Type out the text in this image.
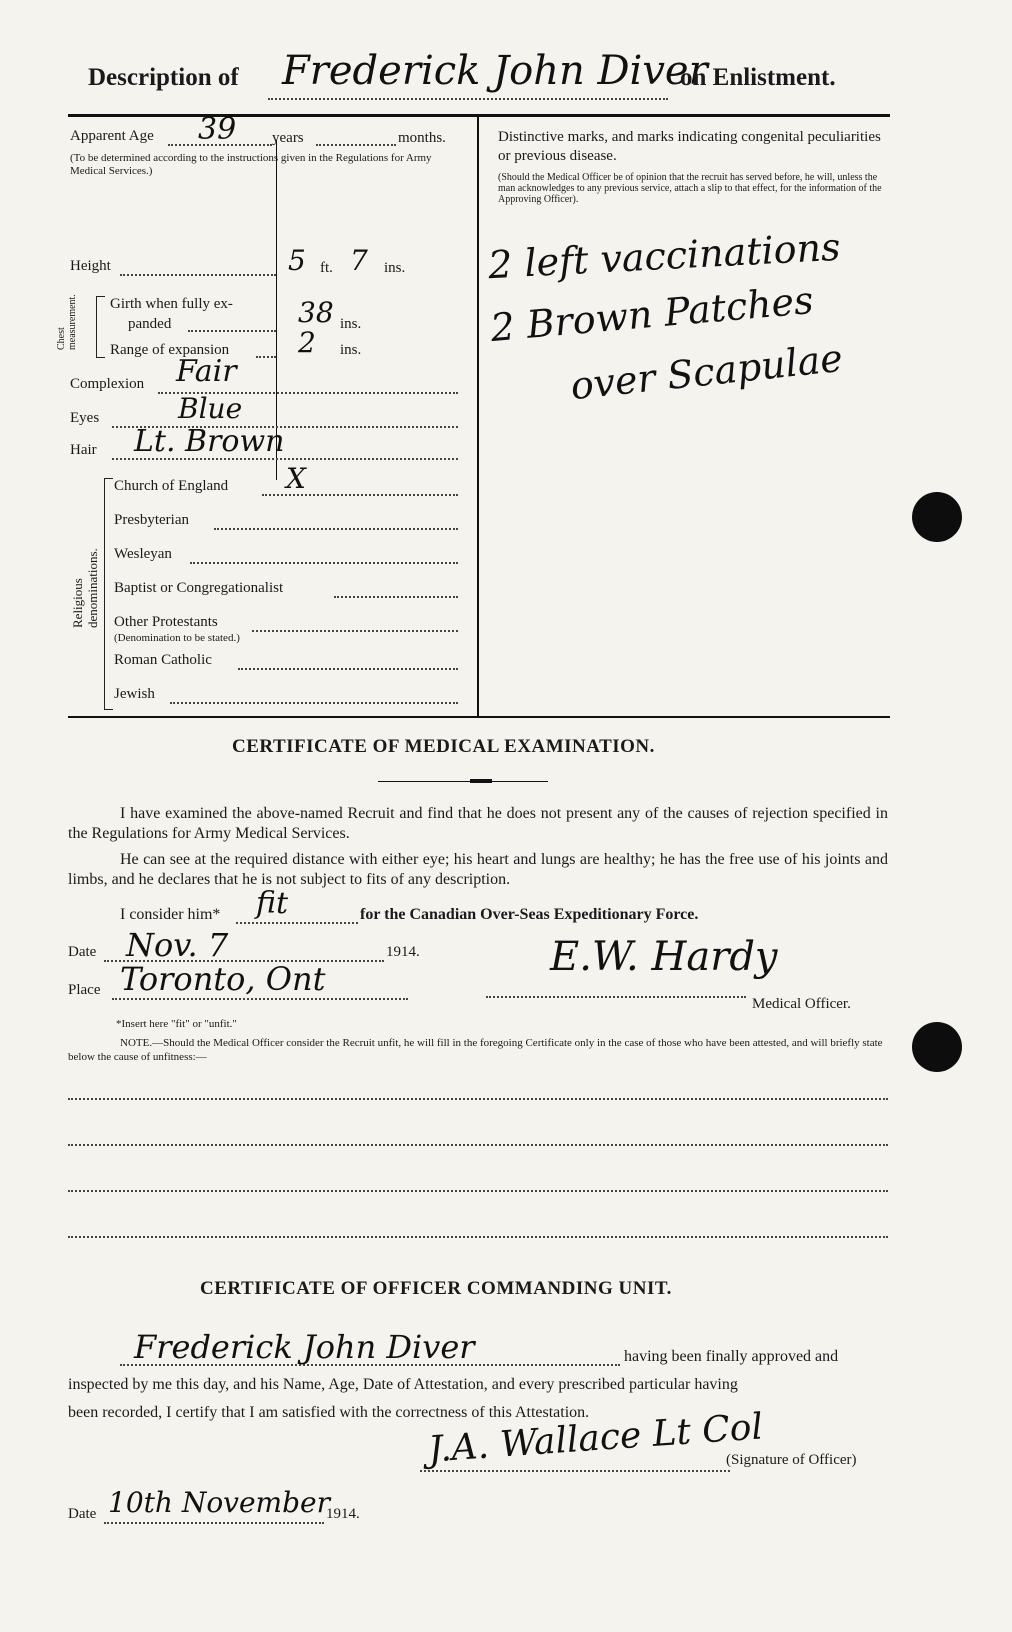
Description of Frederick John Diver
on Enlistment.
Apparent Age 39 years	months.
(To be determined according to the instructions given in the Regulations for Army Medical Services.)
Height	5 ft. 7 ins.
Chest measurement. Girth when fully ex-
panded	38 ins.
Range of expansion 2 ins.
Complexion Fair
Eyes	Blue
Hair Lt. Brown
Religious denominations.
Church of England X
Presbyterian
Wesleyan
Baptist or Congregationalist
Other Protestants
(Denomination to be stated.)
Roman Catholic
Jewish
Distinctive marks, and marks indicating congenital peculiarities or previous disease.
(Should the Medical Officer be of opinion that the recruit has served before, he will, unless the man acknowledges to any previous service, attach a slip to that effect, for the information of the Approving Officer).
2 left vaccinations
2 Brown Patches
over Scapulae
CERTIFICATE OF MEDICAL EXAMINATION.
I have examined the above-named Recruit and find that he does not present any of the causes of rejection specified in the Regulations for Army Medical Services.
He can see at the required distance with either eye; his heart and lungs are healthy; he has the free use of his joints and limbs, and he declares that he is not subject to fits of any description.
I consider him* fit	for the Canadian Over-Seas Expeditionary Force.
Date Nov. 7	1914.
Place Toronto, Ont	E.W. Hardy
Medical Officer.
*Insert here "fit" or "unfit."
NOTE.—Should the Medical Officer consider the Recruit unfit, he will fill in the foregoing Certificate only in the case of those who have been attested, and will briefly state below the cause of unfitness:—
CERTIFICATE OF OFFICER COMMANDING UNIT.
Frederick John Diver	having been finally approved and
inspected by me this day, and his Name, Age, Date of Attestation, and every prescribed particular having
been recorded, I certify that I am satisfied with the correctness of this Attestation.
J.A. Wallace Lt Col
(Signature of Officer)
Date 10th November
1914.
